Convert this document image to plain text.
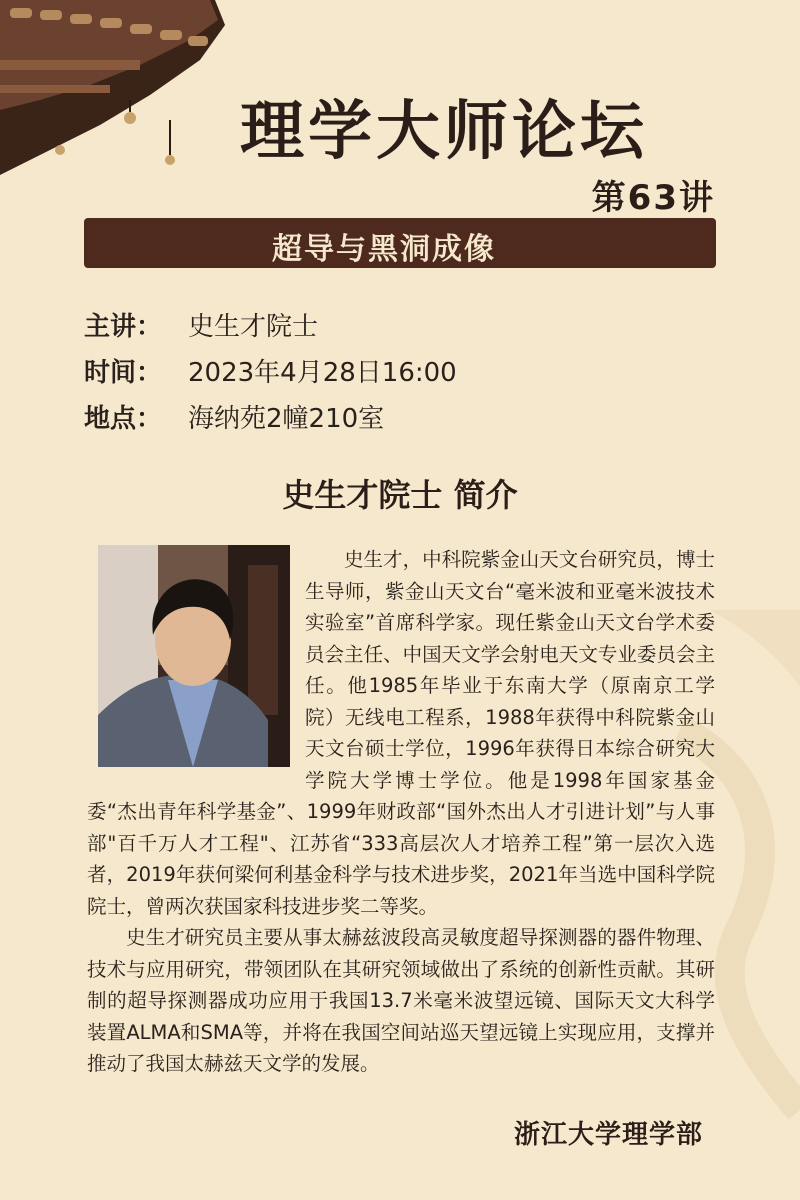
理学大师论坛
第63讲
超导与黑洞成像
主讲： 史生才院士
时间： 2023年4月28日16:00
地点： 海纳苑2幢210室
史生才院士 简介

史生才，中科院紫金山天文台研究员，博士生导师，紫金山天文台“毫米波和亚毫米波技术实验室”首席科学家。现任紫金山天文台学术委员会主任、中国天文学会射电天文专业委员会主任。他1985年毕业于东南大学（原南京工学院）无线电工程系，1988年获得中科院紫金山天文台硕士学位，1996年获得日本综合研究大学院大学博士学位。他是1998年国家基金委“杰出青年科学基金”、1999年财政部“国外杰出人才引进计划”与人事部"百千万人才工程"、江苏省“333高层次人才培养工程”第一层次入选者，2019年获何梁何利基金科学与技术进步奖，2021年当选中国科学院院士，曾两次获国家科技进步奖二等奖。

史生才研究员主要从事太赫兹波段高灵敏度超导探测器的器件物理、技术与应用研究，带领团队在其研究领域做出了系统的创新性贡献。其研制的超导探测器成功应用于我国13.7米毫米波望远镜、国际天文大科学装置ALMA和SMA等，并将在我国空间站巡天望远镜上实现应用，支撑并推动了我国太赫兹天文学的发展。

浙江大学理学部
